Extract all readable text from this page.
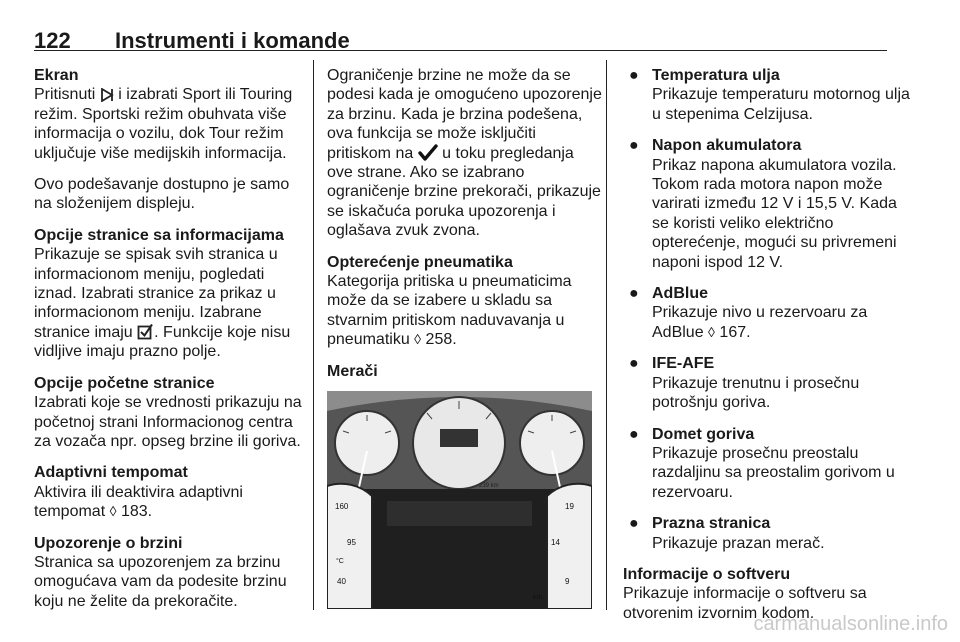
122 Instrumenti i komande
Ekran

Pritisnuti i izabrati Sport ili Touring režim. Sportski režim obuhvata više informacija o vozilu, dok Tour režim uključuje više medijskih informacija.

Ovo podešavanje dostupno je samo na složenijem displeju.

Opcije stranice sa informacijama

Prikazuje se spisak svih stranica u informacionom meniju, pogledati iznad. Izabrati stranice za prikaz u informacionom meniju. Izabrane stranice imaju . Funkcije koje nisu vidljive imaju prazno polje.

Opcije početne stranice

Izabrati koje se vrednosti prikazuju na početnoj strani Informacionog centra za vozača npr. opseg brzine ili goriva.

Adaptivni tempomat

Aktivira ili deaktivira adaptivni tempomat ◊ 183.

Upozorenje o brzini

Stranica sa upozorenjem za brzinu omogućava vam da podesite brzinu koju ne želite da prekoračite.

Ograničenje brzine ne može da se podesi kada je omogućeno upozorenje za brzinu. Kada je brzina podešena, ova funkcija se može isključiti pritiskom na u toku pregledanja ove strane. Ako se izabrano ograničenje brzine prekorači, prikazuje se iskačuća poruka upozorenja i oglašava zvuk zvona.

Opterećenje pneumatika

Kategorija pritiska u pneumaticima može da se izabere u skladu sa stvarnim pritiskom naduvavanja u pneumatiku ◊ 258.

Merači
239 km
160
95
°C
40
19
14
9
km
● Temperatura ulja
Prikazuje temperaturu motornog ulja u stepenima Celzijusa.
● Napon akumulatora
Prikaz napona akumulatora vozila. Tokom rada motora napon može varirati između 12 V i 15,5 V. Kada se koristi veliko električno opterećenje, mogući su privremeni naponi ispod 12 V.
● AdBlue
Prikazuje nivo u rezervoaru za AdBlue ◊ 167.
● IFE-AFE
Prikazuje trenutnu i prosečnu potrošnju goriva.
● Domet goriva
Prikazuje prosečnu preostalu razdaljinu sa preostalim gorivom u rezervoaru.
● Prazna stranica
Prikazuje prazan merač.
Informacije o softveru

Prikazuje informacije o softveru sa otvorenim izvornim kodom.

carmanualsonline.info
